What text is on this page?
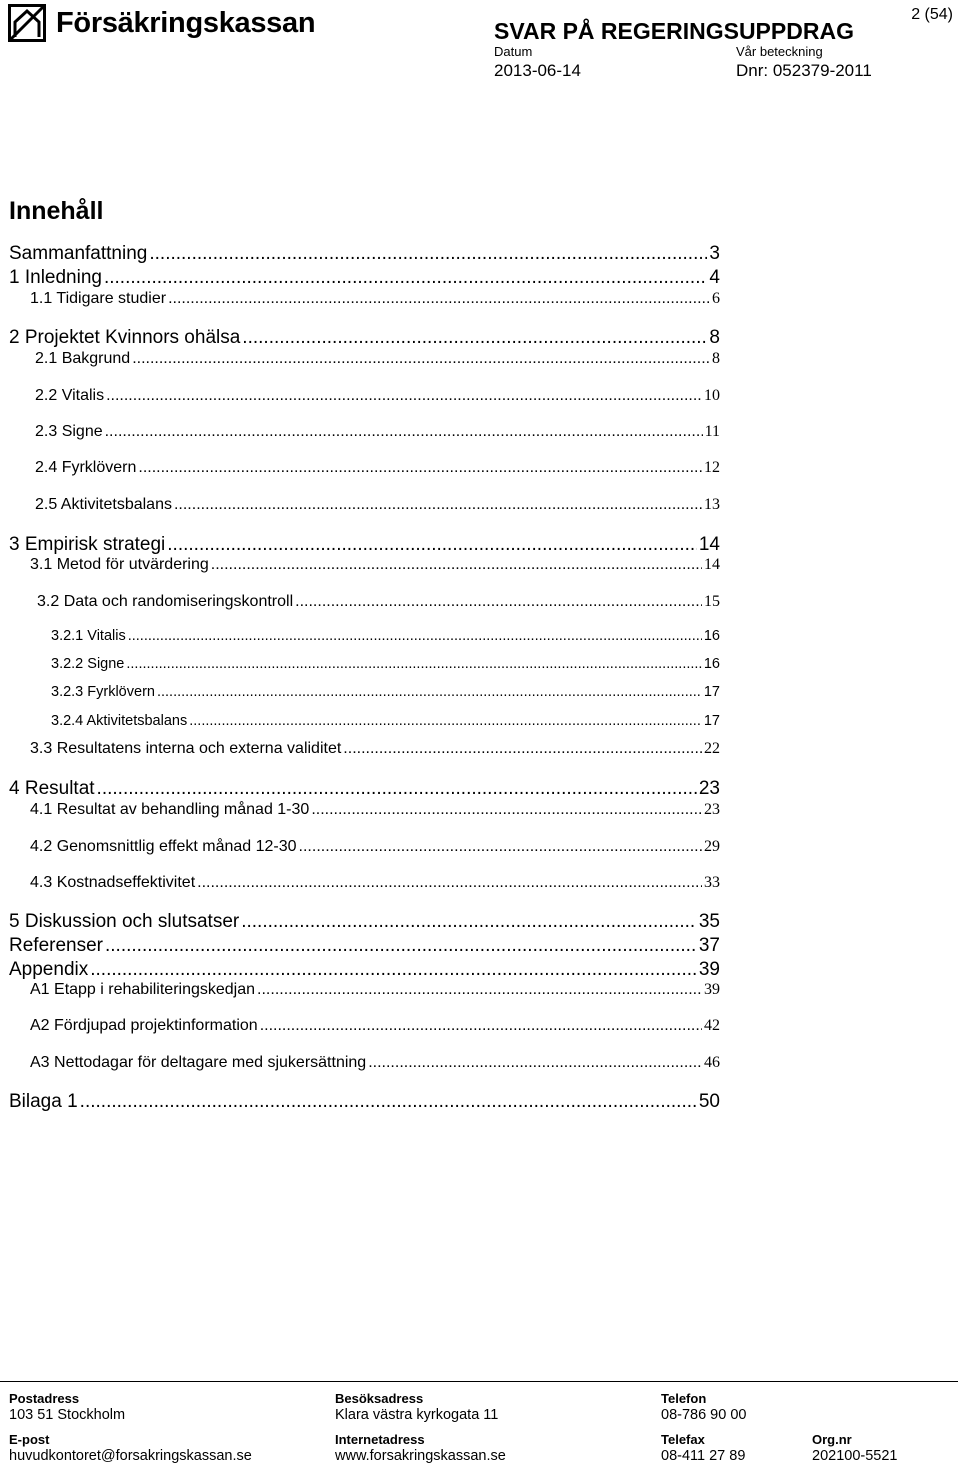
Försäkringskassan	2 (54)
SVAR PÅ REGERINGSUPPDRAG
Datum
2013-06-14
Vår beteckning
Dnr: 052379-2011
Innehåll
Sammanfattning .....	3
1 Inledning .....	4
1.1 Tidigare studier .....	6
2 Projektet Kvinnors ohälsa .....	8
2.1 Bakgrund .....	8
2.2 Vitalis .....	10
2.3 Signe .....	11
2.4 Fyrklövern .....	12
2.5 Aktivitetsbalans .....	13
3 Empirisk strategi .....	14
3.1 Metod för utvärdering .....	14
3.2 Data och randomiseringskontroll .....	15
3.2.1 Vitalis .....	16
3.2.2 Signe .....	16
3.2.3 Fyrklövern .....	17
3.2.4 Aktivitetsbalans .....	17
3.3 Resultatens interna och externa validitet .....	22
4 Resultat .....	23
4.1 Resultat av behandling månad 1-30 .....	23
4.2 Genomsnittlig effekt månad 12-30 .....	29
4.3 Kostnadseffektivitet .....	33
5 Diskussion och slutsatser .....	35
Referenser .....	37
Appendix .....	39
A1 Etapp i rehabiliteringskedjan .....	39
A2 Fördjupad projektinformation .....	42
A3 Nettodagar för deltagare med sjukersättning .....	46
Bilaga 1 .....	50
Postadress
103 51 Stockholm
Besöksadress
Klara västra kyrkogata 11
Telefon
08-786 90 00
E-post
huvudkontoret@forsakringskassan.se
Internetadress
www.forsakringskassan.se
Telefax
08-411 27 89
Org.nr
202100-5521
